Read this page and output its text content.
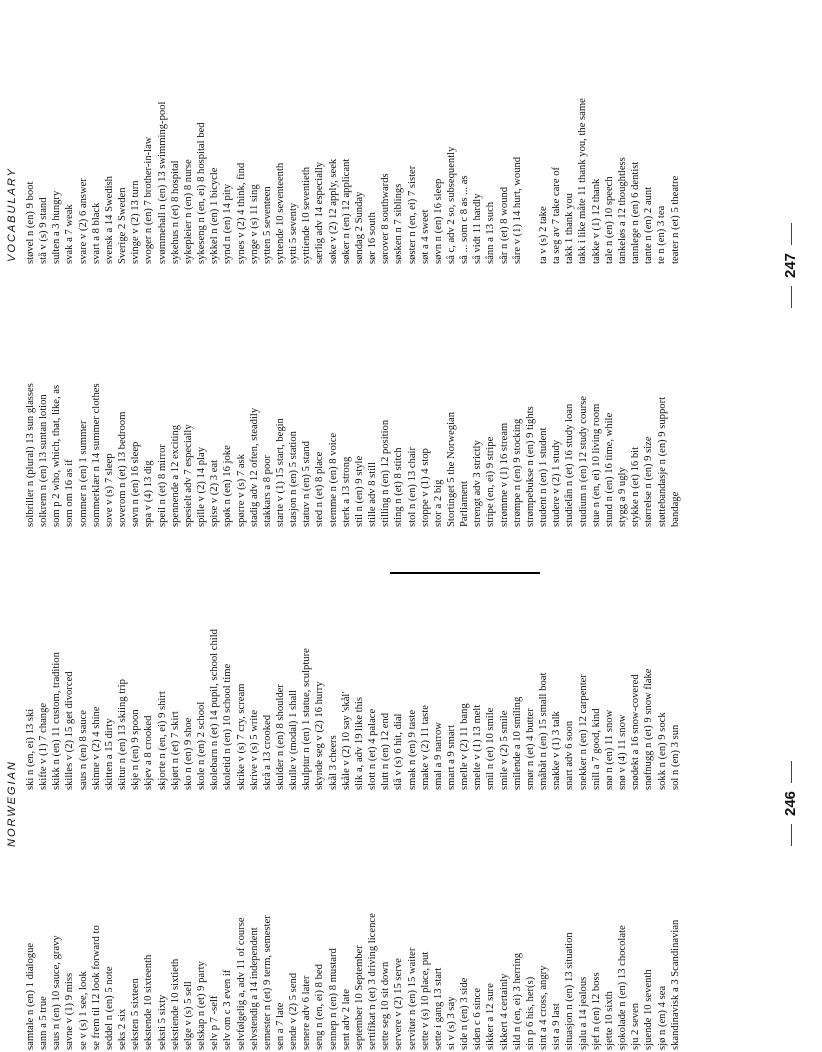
NORWEGIAN
VOCABULARY
samtale n (en) 1 dialogue sann a 5 true saus n (en) 10 sauce, gravy savne v (1) 9 miss se v (s) 1 see, look se frem til 12 look forward to seddel n (en) 5 note seks 2 six seksten 5 sixteen sekstende 10 sixteenth seksti 5 sixty sekstiende 10 sixtieth selge v (s) 5 sell selskap n (et) 9 party selv p 7 -self selv om c 3 even if selvfølgelig a, adv 11 of course selvstendig a 14 independent semester n (et) 9 term, semester sen a 7 late sende v (2) 5 send senere adv 6 later seng n (en, ei) 8 bed sennep n (en) 8 mustard sent adv 2 late september 10 September sertifikat n (et) 3 driving licence sette seg 10 sit down servere v (2) 15 serve servitør n (en) 15 waiter sette v (s) 10 place, put sette i gang 13 start si v (s) 3 say side n (en) 3 side siden c 6 since sikker a 12 sure sikkert 4 certainly sild n (en, ei) 3 herring sin p 6 his, her(s) sint a 4 cross, angry sist a 9 last situasjon n (en) 13 situation sjalu a 14 jealous sjef n (en) 12 boss sjette 10 sixth sjokolade n (en) 13 chocolate sju 2 seven sjuende 10 seventh sjø n (en) 4 sea skandinavisk a 3 Scandinavian
ski n (en, ei) 13 ski skifte v (1) 7 change skikk n (en) 11 custom, tradition skilles v (2) 15 get divorced saus n (en) 8 sauce skinne v (2) 4 shine skitten a 15 dirty skitur n (en) 13 skiing trip skje n (en) 9 spoon skjev a 8 crooked skjorte n (en, ei) 9 shirt skjørt n (et) 7 skirt sko n (en) 9 shoe skole n (en) 2 school skolebarn n (et) 14 pupil, school child skoletid n (en) 10 school time skrike v (s) 7 cry, scream skrive v (s) 5 write skrå a 13 crooked skulder n (en) 8 shoulder skulle v (modal) 1 shall skulptur n (en) 1 statue, sculpture skynde seg v (2) 16 hurry skål 3 cheers skåle v (2) 10 say 'skål' slik a, adv 19 like this slott n (et) 4 palace slutt n (en) 12 end slå v (s) 6 hit, dial smak n (en) 9 taste smake v (2) 11 taste smal a 9 narrow smart a 9 smart smelle v (2) 11 bang smelte v (1) 13 melt smil n (et) 10 smile smile v (2) 5 smile smilende a 10 smiling smør n (et) 4 butter småbåt n (en) 15 small boat snakke v (1) 3 talk snart adv 6 soon snekker n (en) 12 carpenter snill a 7 good, kind snø n (en) 11 snow snø v (4) 11 snow snødekt a 16 snow-covered snøfnugg n (et) 9 snow flake sokk n (en) 9 sock sol n (en) 3 sun
solbriller n (plural) 13 sun glasses solkrem n (en) 13 suntan lotion som p 2 who, which, that, like, as som om 16 as if sommer n (en) 1 summer sommerklær n 14 summer clothes sove v (s) 7 sleep soverom n (et) 13 bedroom søvn n (en) 16 sleep spa v (4) 13 dig speil n (et) 8 mirror spennende a 12 exciting spesielt adv 7 especially spille v (2) 14 play spise v (2) 3 eat spøk n (en) 16 joke spørre v (s) 7 ask stadig adv 12 often, steadily stakkars a 8 poor starte v (1) 15 start, begin stasjon n (en) 5 station statuv n (en) 5 stand sted n (et) 8 place stemme n (en) 8 voice sterk a 13 strong stil n (en) 9 style stille adv 8 still stilling n (en) 12 position sting n (et) 8 stitch stol n (en) 13 chair stoppe v (1) 4 stop stor a 2 big Stortinget 5 the Norwegian Parliament strengt adv 3 strictly stripe (en, ei) 9 stripe strømme v (1) 16 stream strømpe n (en) 9 stocking strømpebukse n (en) 9 tights student n (en) 1 student studere v (2) 1 study studielån n (et) 16 study loan studium n (en) 12 study course stue n (en, ei) 10 living room stund n (en) 16 time, while stygg a 9 ugly stykke n (et) 16 bit størrelse n (en) 9 size støttebandasje n (en) 9 support bandage
støvel n (en) 9 boot stå v (s) 9 stand sulten a 3 hungry svak a 7 weak svare v (2) 6 answer svart a 8 black svensk a 14 Swedish Sverige 2 Sweden svinge v (2) 13 turn svoger n (en) 7 brother-in-law svømmehall n (en) 13 swimming-pool sykehus n (et) 8 hospital sykepleier n (en) 8 nurse sykeseng n (en, ei) 8 hospital bed sykkel n (en) 1 bicycle synd n (en) 14 pity synes v (2) 4 think, find synge v (s) 11 sing sytten 5 seventeen syttende 10 seventeenth sytti 5 seventy syttiende 10 seventieth særlig adv 14 especially søke v (2) 12 apply, seek søker n (en) 12 applicant søndag 2 Sunday sør 16 south sørover 8 southwards søsken n 7 siblings søster n (en, ei) 7 sister søt a 4 sweet søvn n (en) 16 sleep så c, adv 2 so, subsequently så ... som c 8 as ... as så vidt 11 hardly sånn a 13 such sår n (et) 8 wound såre v (1) 14 hurt, wound ta v (s) 2 take ta seg av 7 take care of takk 1 thank you takk i like måte 11 thank you, the same takke v (1) 12 thank tale n (en) 10 speech tankeløs a 12 thoughtless tannlege n (en) 6 dentist tante n (en) 2 aunt te n (en) 3 tea teater n (et) 5 theatre
246
247
